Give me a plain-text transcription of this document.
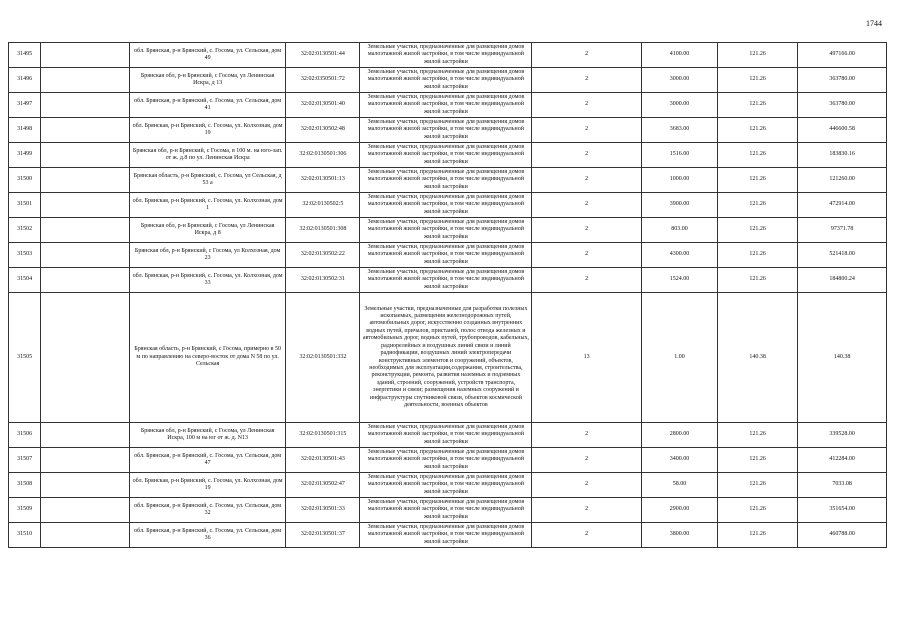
1744
31495		обл. Брянская, р-н Брянский, с. Госома, ул. Сельская, дом 49	32:02:0130501:44	Земельные участки, предназначенные для размещения домов малоэтажной жилой застройки, в том числе индивидуальной жилой застройки	2	4100.00	121.26	497166.00
31496		Брянская обл, р-н Брянский, с Госома, ул Ленинская Искра, д 13	32:02:0350501:72	Земельные участки, предназначенные для размещения домов малоэтажной жилой застройки, в том числе индивидуальной жилой застройки	2	3000.00	121.26	363780.00
31497		обл. Брянская, р-н Брянский, с. Госома, ул. Сельская, дом 41	32:02:0130501:40	Земельные участки, предназначенные для размещения домов малоэтажной жилой застройки, в том числе индивидуальной жилой застройки	2	3000.00	121.26	363780.00
31498		обл. Брянская, р-н Брянский, с. Госома, ул. Колхозная, дом 19	32:02:0130502:48	Земельные участки, предназначенные для размещения домов малоэтажной жилой застройки, в том числе индивидуальной жилой застройки	2	3683.00	121.26	446600.58
31499		Брянская обл, р-н Брянский, с Госома, в 100 м. на юго-зап. от ж. д.8 по ул. Ленинская Искра	32:02:0130501:306	Земельные участки, предназначенные для размещения домов малоэтажной жилой застройки, в том числе индивидуальной жилой застройки	2	1516.00	121.26	183830.16
31500		Брянская область, р-н Брянский, с. Госома, ул Сельская, д 53 а	32:02:0130501:13	Земельные участки, предназначенные для размещения домов малоэтажной жилой застройки, в том числе индивидуальной жилой застройки	2	1000.00	121.26	121260.00
31501		обл. Брянская, р-н Брянский, с. Госома, ул. Колхозная, дом 1	32:02:0130502:5	Земельные участки, предназначенные для размещения домов малоэтажной жилой застройки, в том числе индивидуальной жилой застройки	2	3900.00	121.26	472914.00
31502		Брянская обл, р-н Брянский, с Госома, ул Ленинская Искра, д 8	32:02:0130501:308	Земельные участки, предназначенные для размещения домов малоэтажной жилой застройки, в том числе индивидуальной жилой застройки	2	803.00	121.26	97371.78
31503		Брянская обл, р-н Брянский, с Госома, ул Колхозная, дом 23	32:02:0130502:22	Земельные участки, предназначенные для размещения домов малоэтажной жилой застройки, в том числе индивидуальной жилой застройки	2	4300.00	121.26	521418.00
31504		обл. Брянская, р-н Брянский, с. Госома, ул. Колхозная, дом 33	32:02:0130502:31	Земельные участки, предназначенные для размещения домов малоэтажной жилой застройки, в том числе индивидуальной жилой застройки	2	1524.00	121.26	184800.24
31505		Брянская область, р-н Брянский, с Госома, примерно в 50 м по направлению на северо-восток от дома N 58 по ул. Сельская	32:02:0130501:332	Земельные участки, предназначенные для разработки полезных ископаемых, размещения железнодорожных путей, автомобильных дорог, искусственно созданных внутренних водных путей, причалов, пристаней, полос отвода железных и автомобильных дорог, водных путей, трубопроводов, кабельных, радиорелейных и воздушных линий связи и линий радиофикации, воздушных линий электропередачи конструктивных элементов и сооружений, объектов, необходимых для эксплуатации,содержания, строительства, реконструкции, ремонта, развития наземных и подземных зданий, строений, сооружений, устройств транспорта, энергетики и связи; размещения наземных сооружений и инфраструктуры спутниковой связи, объектов космической деятельности, военных объектов	13	1.00	140.38	140.38
31506		Брянская обл, р-н Брянский, с Госома, ул Ленинская Искра, 100 м на юг от ж. д. N13	32:02:0130501:315	Земельные участки, предназначенные для размещения домов малоэтажной жилой застройки, в том числе индивидуальной жилой застройки	2	2800.00	121.26	339528.00
31507		обл. Брянская, р-н Брянский, с. Госома, ул. Сельская, дом 47	32:02:0130501:43	Земельные участки, предназначенные для размещения домов малоэтажной жилой застройки, в том числе индивидуальной жилой застройки	2	3400.00	121.26	412284.00
31508		обл. Брянская, р-н Брянский, с. Госома, ул. Колхозная, дом 19	32:02:0130502:47	Земельные участки, предназначенные для размещения домов малоэтажной жилой застройки, в том числе индивидуальной жилой застройки	2	58.00	121.26	7033.08
31509		обл. Брянская, р-н Брянский, с. Госома, ул. Сельская, дом 32	32:02:0130501:33	Земельные участки, предназначенные для размещения домов малоэтажной жилой застройки, в том числе индивидуальной жилой застройки	2	2900.00	121.26	351654.00
31510		обл. Брянская, р-н Брянский, с. Госома, ул. Сельская, дом 36	32:02:0130501:37	Земельные участки, предназначенные для размещения домов малоэтажной жилой застройки, в том числе индивидуальной жилой застройки	2	3800.00	121.26	460788.00
